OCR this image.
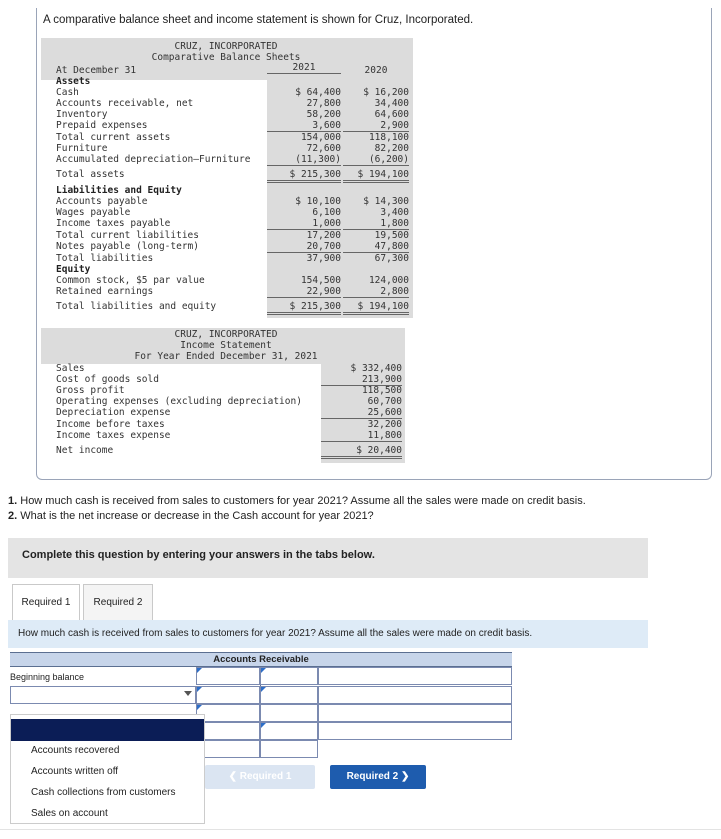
A comparative balance sheet and income statement is shown for Cruz, Incorporated.
CRUZ, INCORPORATED
Comparative Balance Sheets
At December 31	2021	2020
Assets
Cash	$ 64,400	$ 16,200
Accounts receivable, net	27,800	34,400
Inventory	58,200	64,600
Prepaid expenses	3,600	2,900
Total current assets	154,000	118,100
Furniture	72,600	82,200
Accumulated depreciation—Furniture	(11,300)	(6,200)
Total assets	$ 215,300	$ 194,100
Liabilities and Equity
Accounts payable	$ 10,100	$ 14,300
Wages payable	6,100	3,400
Income taxes payable	1,000	1,800
Total current liabilities	17,200	19,500
Notes payable (long-term)	20,700	47,800
Total liabilities	37,900	67,300
Equity
Common stock, $5 par value	154,500	124,000
Retained earnings	22,900	2,800
Total liabilities and equity	$ 215,300	$ 194,100
CRUZ, INCORPORATED
Income Statement
For Year Ended December 31, 2021
Sales	$ 332,400
Cost of goods sold	213,900
Gross profit	118,500
Operating expenses (excluding depreciation)	60,700
Depreciation expense	25,600
Income before taxes	32,200
Income taxes expense	11,800
Net income	$ 20,400
1. How much cash is received from sales to customers for year 2021? Assume all the sales were made on credit basis.
2. What is the net increase or decrease in the Cash account for year 2021?
Complete this question by entering your answers in the tabs below.
Required 1	Required 2
How much cash is received from sales to customers for year 2021? Assume all the sales were made on credit basis.
Accounts Receivable
Beginning balance
Accounts recovered
Accounts written off
Cash collections from customers
Sales on account
❮ Required 1	Required 2 ❯
